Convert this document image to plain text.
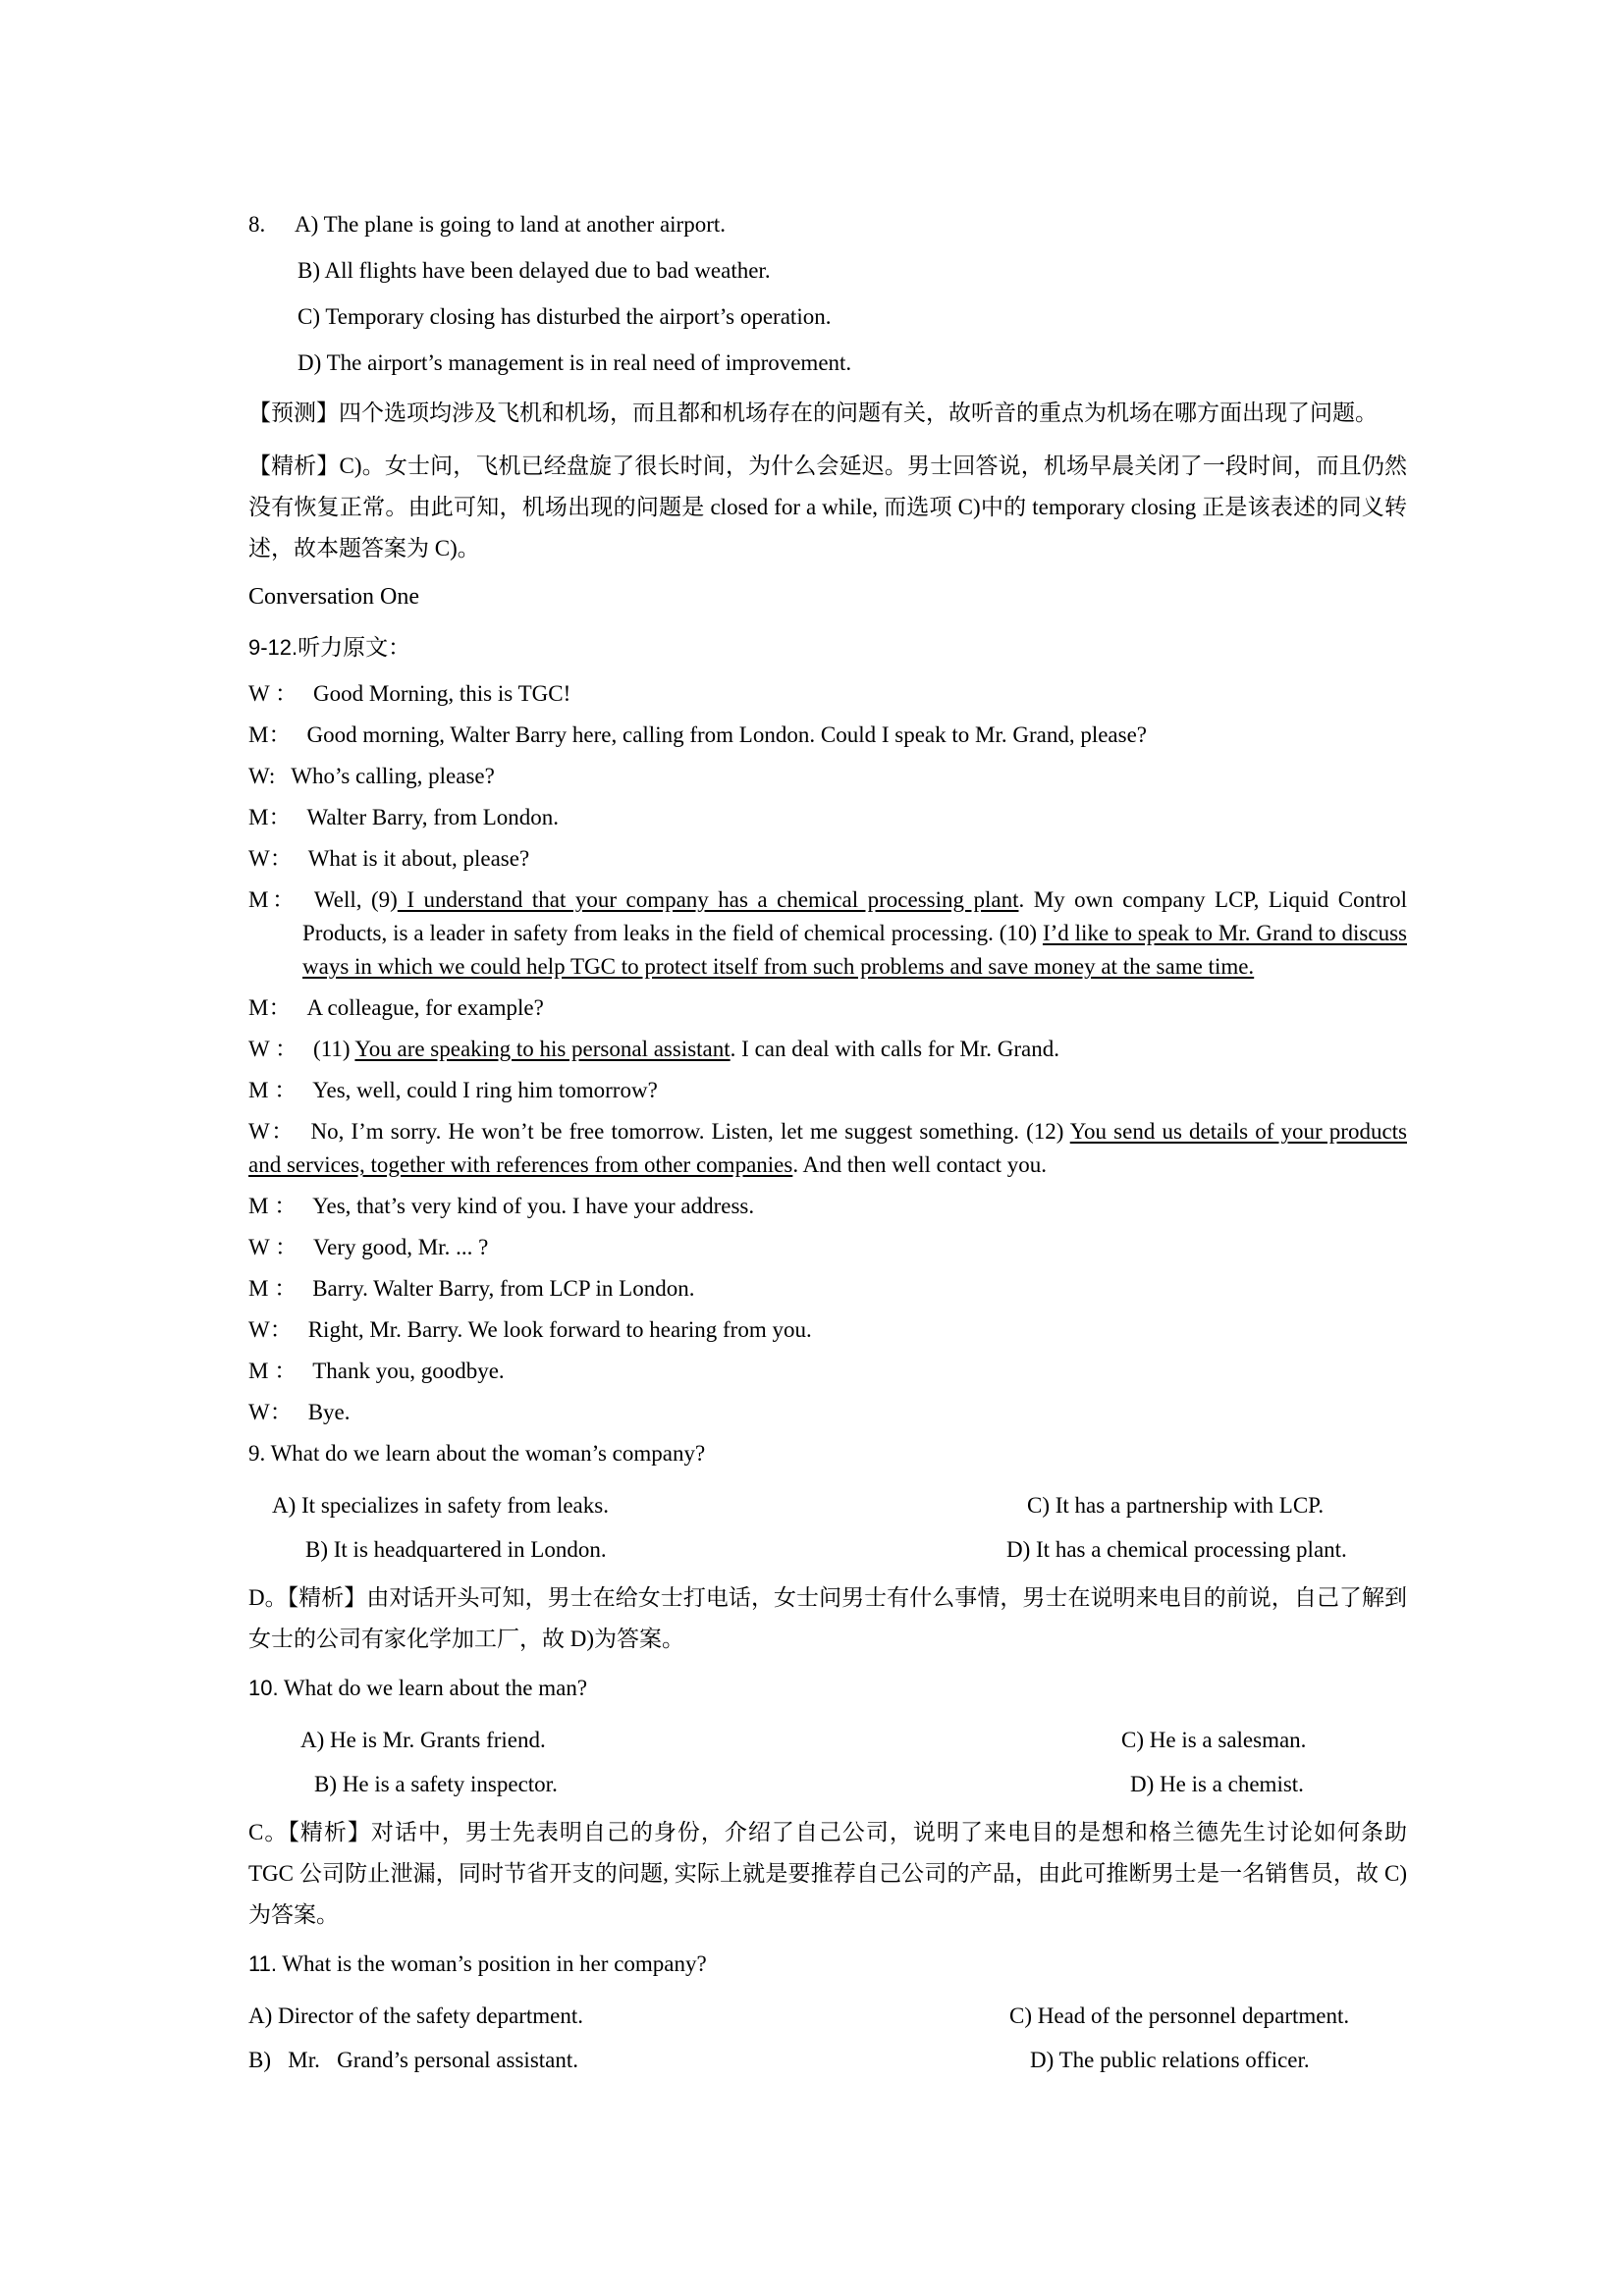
8. A) The plane is going to land at another airport.
B) All flights have been delayed due to bad weather.
C) Temporary closing has disturbed the airport’s operation.
D) The airport’s management is in real need of improvement.
【预测】四个选项均涉及飞机和机场，而且都和机场存在的问题有关，故听音的重点为机场在哪方面出现了问题。
【精析】C)。女士问，飞机已经盘旋了很长时间，为什么会延迟。男士回答说，机场早晨关闭了一段时间，而且仍然没有恢复正常。由此可知，机场出现的问题是 closed for a while, 而选项 C)中的 temporary closing 正是该表述的同义转述，故本题答案为 C)。
Conversation One
9-12.听力原文：
W ： Good Morning, this is TGC!
M： Good morning, Walter Barry here, calling from London. Could I speak to Mr. Grand, please?
W: Who’s calling, please?
M： Walter Barry, from London.
W： What is it about, please?
M： Well, (9) I understand that your company has a chemical processing plant. My own company LCP, Liquid Control Products, is a leader in safety from leaks in the field of chemical processing. (10) I’d like to speak to Mr. Grand to discuss ways in which we could help TGC to protect itself from such problems and save money at the same time.
M： A colleague, for example?
W ： (11) You are speaking to his personal assistant. I can deal with calls for Mr. Grand.
M ： Yes, well, could I ring him tomorrow?
W： No, I’m sorry. He won’t be free tomorrow. Listen, let me suggest something. (12) You send us details of your products and services, together with references from other companies. And then well contact you.
M ： Yes, that’s very kind of you. I have your address.
W ： Very good, Mr. ... ?
M ： Barry. Walter Barry, from LCP in London.
W： Right, Mr. Barry. We look forward to hearing from you.
M ： Thank you, goodbye.
W： Bye.
9. What do we learn about the woman’s company?
A) It specializes in safety from leaks.	C) It has a partnership with LCP.
B) It is headquartered in London.	D) It has a chemical processing plant.
D。【精析】由对话开头可知，男士在给女士打电话，女士问男士有什么事情，男士在说明来电目的前说，自己了解到女士的公司有家化学加工厂，故 D)为答案。
10. What do we learn about the man?
A) He is Mr. Grants friend.	C) He is a salesman.
B) He is a safety inspector.	D) He is a chemist.
C。【精析】对话中，男士先表明自己的身份，介绍了自己公司，说明了来电目的是想和格兰德先生讨论如何条助 TGC 公司防止泄漏，同时节省开支的问题, 实际上就是要推荐自己公司的产品，由此可推断男士是一名销售员，故 C)为答案。
11. What is the woman’s position in her company?
A) Director of the safety department.	C) Head of the personnel department.
B)   Mr.   Grand’s personal assistant.	D) The public relations officer.
